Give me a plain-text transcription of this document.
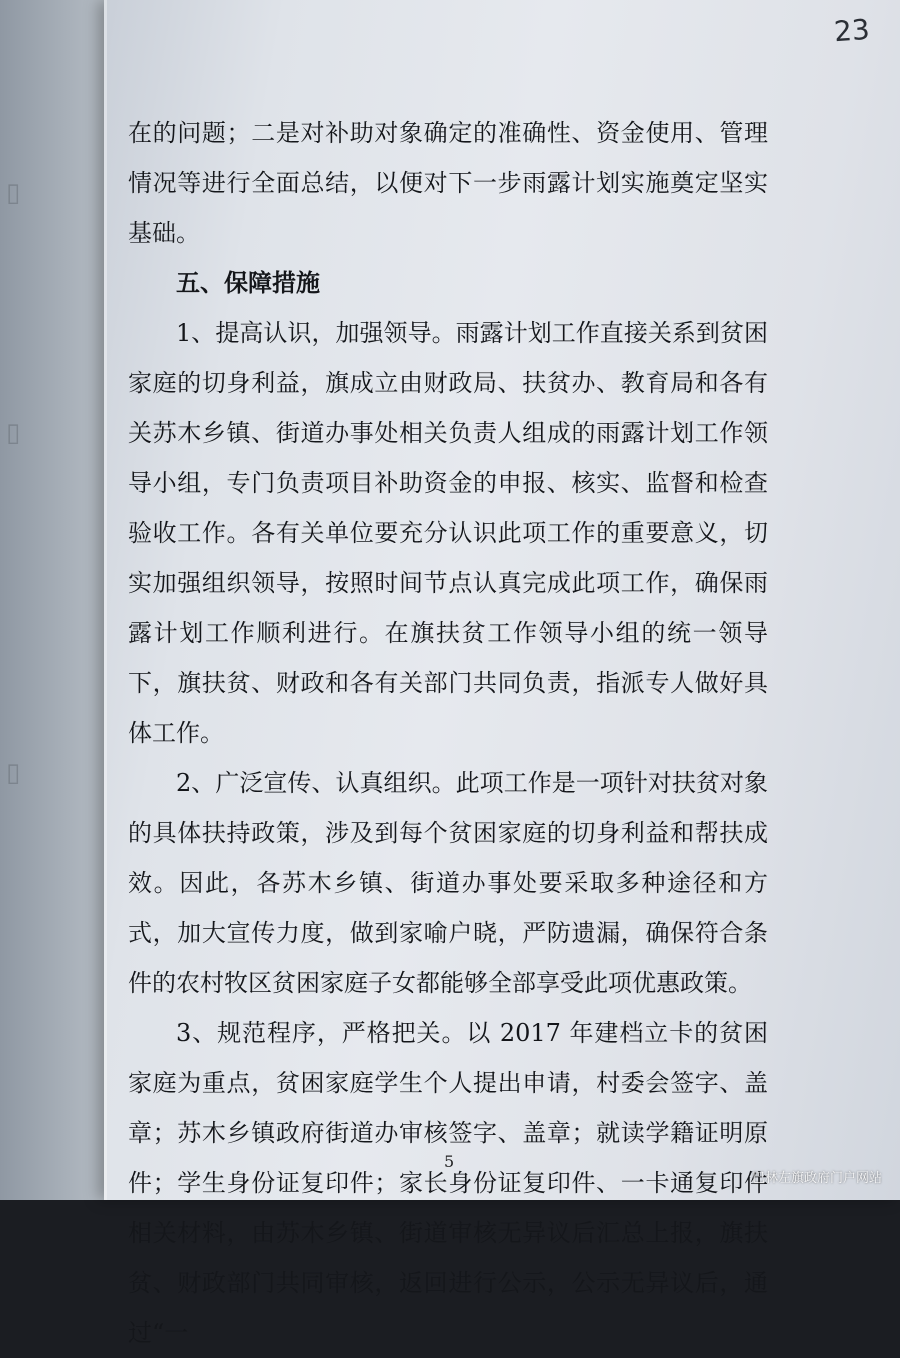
▯
▯
▯
23

在的问题；二是对补助对象确定的准确性、资金使用、管理情况等进行全面总结，以便对下一步雨露计划实施奠定坚实基础。

五、保障措施

1、提高认识，加强领导。雨露计划工作直接关系到贫困家庭的切身利益，旗成立由财政局、扶贫办、教育局和各有关苏木乡镇、街道办事处相关负责人组成的雨露计划工作领导小组，专门负责项目补助资金的申报、核实、监督和检查验收工作。各有关单位要充分认识此项工作的重要意义，切实加强组织领导，按照时间节点认真完成此项工作，确保雨露计划工作顺利进行。在旗扶贫工作领导小组的统一领导下，旗扶贫、财政和各有关部门共同负责，指派专人做好具体工作。

2、广泛宣传、认真组织。此项工作是一项针对扶贫对象的具体扶持政策，涉及到每个贫困家庭的切身利益和帮扶成效。因此，各苏木乡镇、街道办事处要采取多种途径和方式，加大宣传力度，做到家喻户晓，严防遗漏，确保符合条件的农村牧区贫困家庭子女都能够全部享受此项优惠政策。

3、规范程序，严格把关。以 2017 年建档立卡的贫困家庭为重点，贫困家庭学生个人提出申请，村委会签字、盖章；苏木乡镇政府街道办审核签字、盖章；就读学籍证明原件；学生身份证复印件；家长身份证复印件、一卡通复印件相关材料，由苏木乡镇、街道审核无异议后汇总上报，旗扶贫、财政部门共同审核，返回进行公示，公示无异议后，通过“一

5
巴林左旗政府门户网站
